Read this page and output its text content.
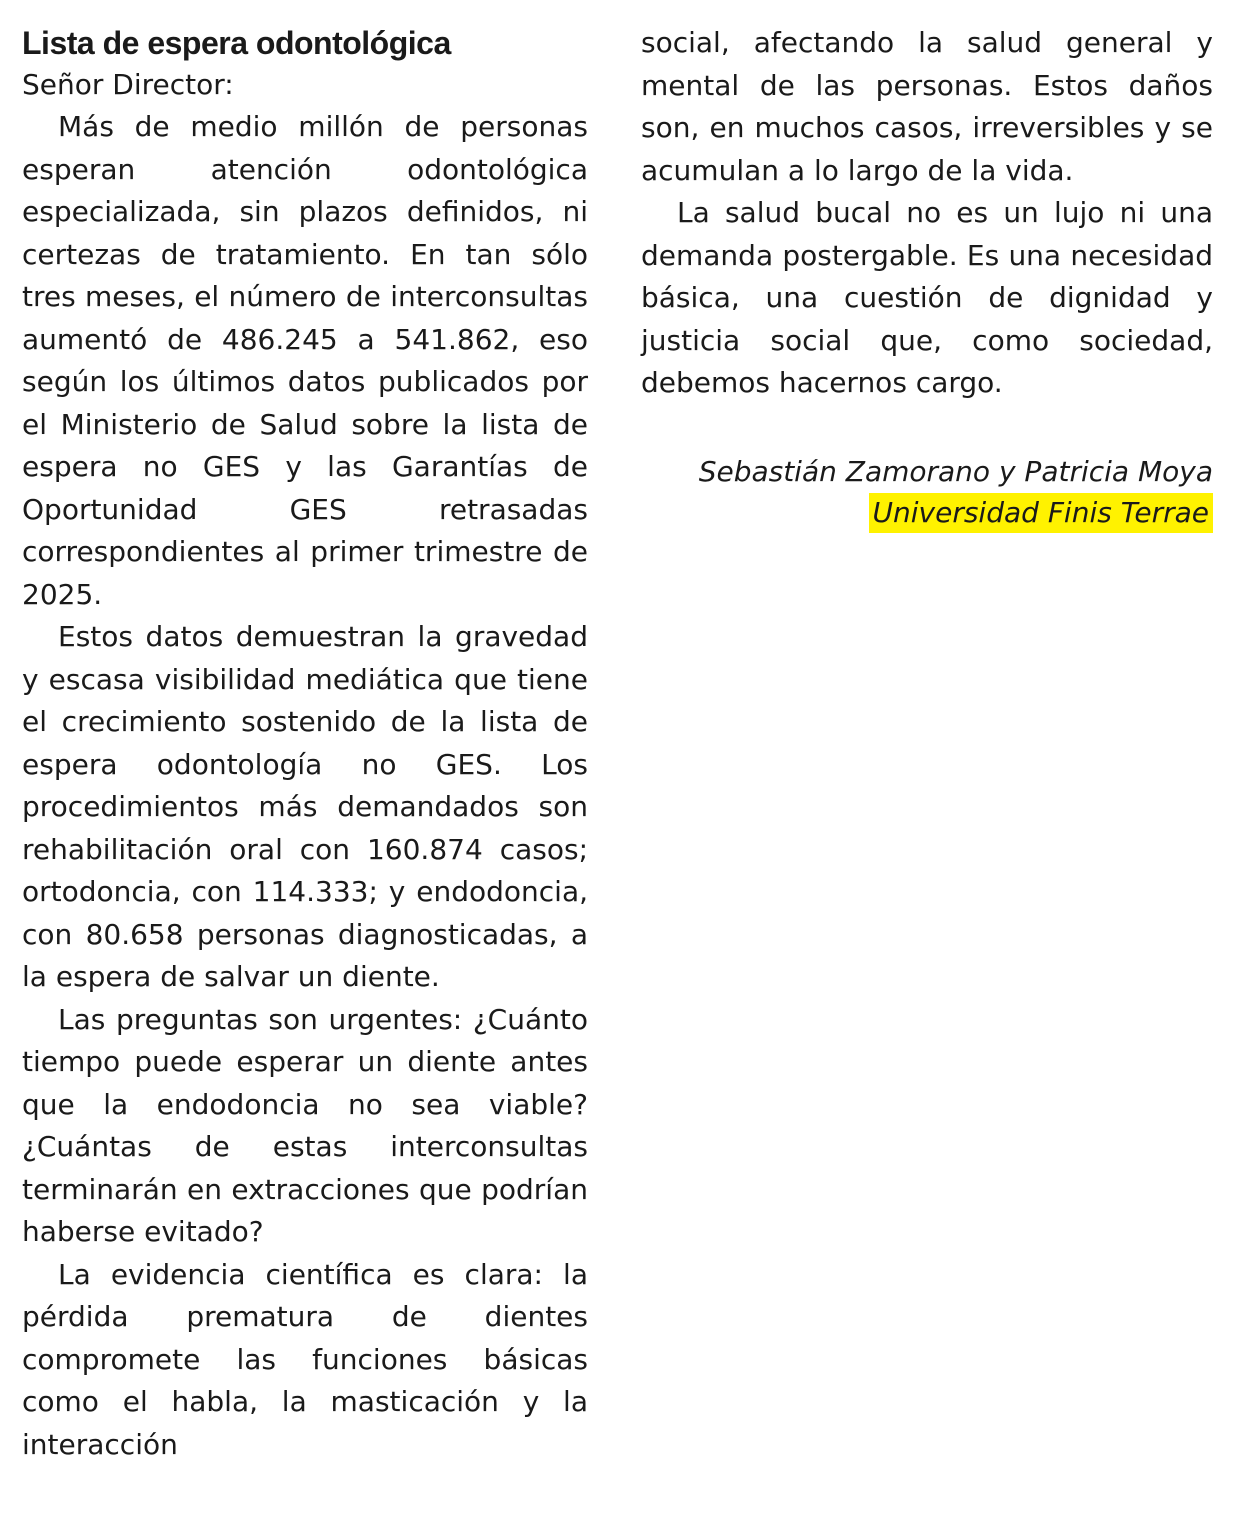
Lista de espera odontológica
Señor Director:

Más de medio millón de personas esperan atención odontológica especializada, sin plazos definidos, ni certezas de tratamiento. En tan sólo tres meses, el número de interconsultas aumentó de 486.245 a 541.862, eso según los últimos datos publicados por el Ministerio de Salud sobre la lista de espera no GES y las Garantías de Oportunidad GES retrasadas correspondientes al primer trimestre de 2025.

Estos datos demuestran la gravedad y escasa visibilidad mediática que tiene el crecimiento sostenido de la lista de espera odontología no GES. Los procedimientos más demandados son rehabilitación oral con 160.874 casos; ortodoncia, con 114.333; y endodoncia, con 80.658 personas diagnosticadas, a la espera de salvar un diente.

Las preguntas son urgentes: ¿Cuánto tiempo puede esperar un diente antes que la endodoncia no sea viable? ¿Cuántas de estas interconsultas terminarán en extracciones que podrían haberse evitado?

La evidencia científica es clara: la pérdida prematura de dientes compromete las funciones básicas como el habla, la masticación y la interacción

social, afectando la salud general y mental de las personas. Estos daños son, en muchos casos, irreversibles y se acumulan a lo largo de la vida.

La salud bucal no es un lujo ni una demanda postergable. Es una necesidad básica, una cuestión de dignidad y justicia social que, como sociedad, debemos hacernos cargo.

Sebastián Zamorano y Patricia Moya
Universidad Finis Terrae
